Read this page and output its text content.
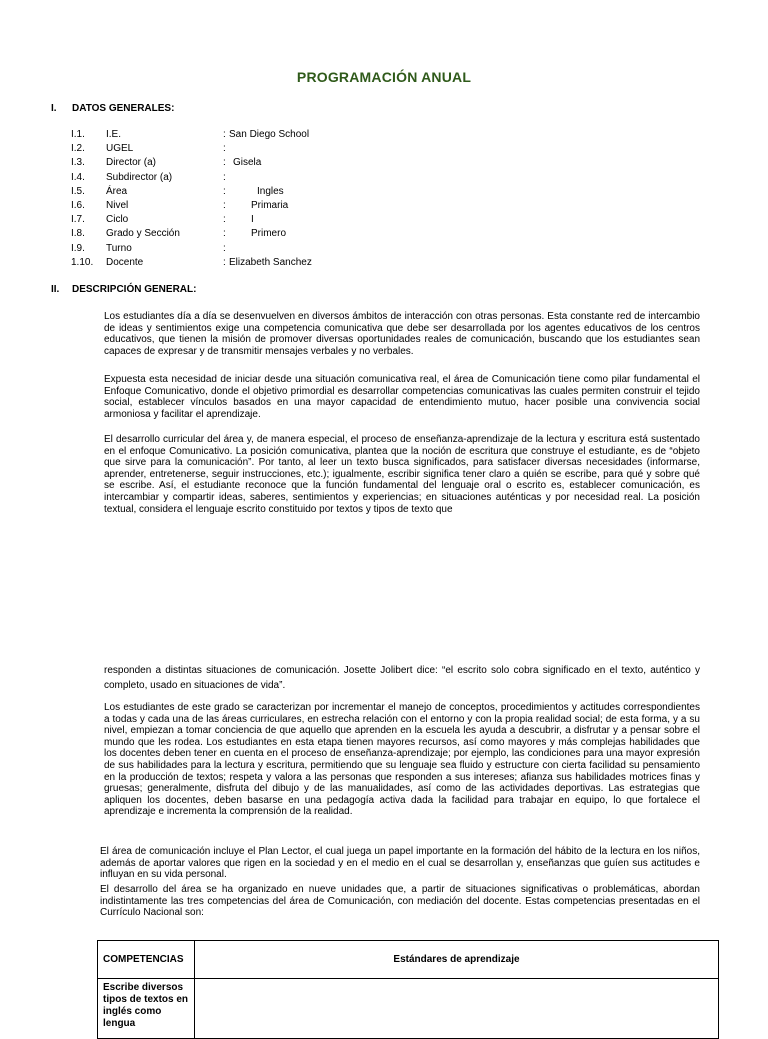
PROGRAMACIÓN ANUAL
I. DATOS GENERALES:
I.1. I.E.	: San Diego School
I.2. UGEL	:
I.3. Director (a)	: Gisela
I.4. Subdirector (a)	:
I.5. Área	:	Ingles
I.6. Nivel	:	Primaria
I.7. Ciclo	:	I
I.8. Grado y Sección	:	Primero
I.9. Turno	:
1.10. Docente	: Elizabeth Sanchez
II. DESCRIPCIÓN GENERAL:
Los estudiantes día a día se desenvuelven en diversos ámbitos de interacción con otras personas. Esta constante red de intercambio de ideas y sentimientos exige una competencia comunicativa que debe ser desarrollada por los agentes educativos de los centros educativos, que tienen la misión de promover diversas oportunidades reales de comunicación, buscando que los estudiantes sean capaces de expresar y de transmitir mensajes verbales y no verbales.
Expuesta esta necesidad de iniciar desde una situación comunicativa real, el área de Comunicación tiene como pilar fundamental el Enfoque Comunicativo, donde el objetivo primordial es desarrollar competencias comunicativas las cuales permiten construir el tejido social, establecer vínculos basados en una mayor capacidad de entendimiento mutuo, hacer posible una convivencia social armoniosa y facilitar el aprendizaje.
El desarrollo curricular del área y, de manera especial, el proceso de enseñanza-aprendizaje de la lectura y escritura está sustentado en el enfoque Comunicativo. La posición comunicativa, plantea que la noción de escritura que construye el estudiante, es de “objeto que sirve para la comunicación”. Por tanto, al leer un texto busca significados, para satisfacer diversas necesidades (informarse, aprender, entretenerse, seguir instrucciones, etc.); igualmente, escribir significa tener claro a quién se escribe, para qué y sobre qué se escribe. Así, el estudiante reconoce que la función fundamental del lenguaje oral o escrito es, establecer comunicación, es intercambiar y compartir ideas, saberes, sentimientos y experiencias; en situaciones auténticas y por necesidad real. La posición textual, considera el lenguaje escrito constituido por textos y tipos de texto que
responden a distintas situaciones de comunicación. Josette Jolibert dice: “el escrito solo cobra significado en el texto, auténtico y completo, usado en situaciones de vida”.
Los estudiantes de este grado se caracterizan por incrementar el manejo de conceptos, procedimientos y actitudes correspondientes a todas y cada una de las áreas curriculares, en estrecha relación con el entorno y con la propia realidad social; de esta forma, y a su nivel, empiezan a tomar conciencia de que aquello que aprenden en la escuela les ayuda a descubrir, a disfrutar y a pensar sobre el mundo que les rodea. Los estudiantes en esta etapa tienen mayores recursos, así como mayores y más complejas habilidades que los docentes deben tener en cuenta en el proceso de enseñanza-aprendizaje; por ejemplo, las condiciones para una mayor expresión de sus habilidades para la lectura y escritura, permitiendo que su lenguaje sea fluido y estructure con cierta facilidad su pensamiento en la producción de textos; respeta y valora a las personas que responden a sus intereses; afianza sus habilidades motrices finas y gruesas; generalmente, disfruta del dibujo y de las manualidades, así como de las actividades deportivas. Las estrategias que apliquen los docentes, deben basarse en una pedagogía activa dada la facilidad para trabajar en equipo, lo que fortalece el aprendizaje e incrementa la comprensión de la realidad.
El área de comunicación incluye el Plan Lector, el cual juega un papel importante en la formación del hábito de la lectura en los niños, además de aportar valores que rigen en la sociedad y en el medio en el cual se desarrollan y, enseñanzas que guíen sus actitudes e influyan en su vida personal.
El desarrollo del área se ha organizado en nueve unidades que, a partir de situaciones significativas o problemáticas, abordan indistintamente las tres competencias del área de Comunicación, con mediación del docente. Estas competencias presentadas en el Currículo Nacional son:
COMPETENCIAS	Estándares de aprendizaje
Escribe diversos tipos de textos en inglés como lengua	
